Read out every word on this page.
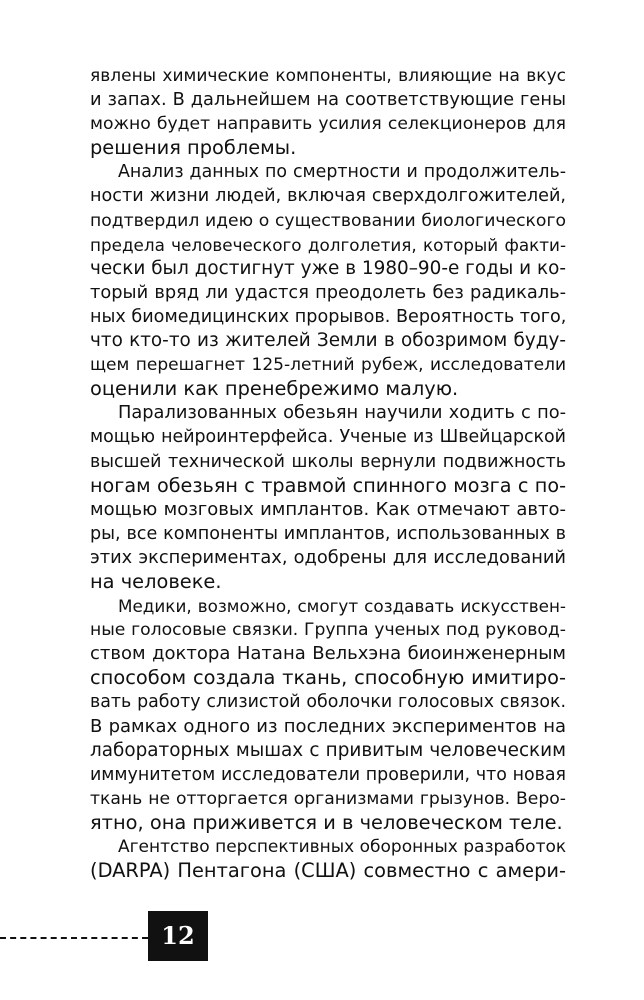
явлены химические компоненты, влияющие на вкус
и запах. В дальнейшем на соответствующие гены
можно будет направить усилия селекционеров для
решения проблемы.
Анализ данных по смертности и продолжитель-
ности жизни людей, включая сверхдолгожителей,
подтвердил идею о существовании биологического
предела человеческого долголетия, который факти-
чески был достигнут уже в 1980–90-е годы и ко-
торый вряд ли удастся преодолеть без радикаль-
ных биомедицинских прорывов. Вероятность того,
что кто-то из жителей Земли в обозримом буду-
щем перешагнет 125-летний рубеж, исследователи
оценили как пренебрежимо малую.
Парализованных обезьян научили ходить с по-
мощью нейроинтерфейса. Ученые из Швейцарской
высшей технической школы вернули подвижность
ногам обезьян с травмой спинного мозга с по-
мощью мозговых имплантов. Как отмечают авто-
ры, все компоненты имплантов, использованных в
этих экспериментах, одобрены для исследований
на человеке.
Медики, возможно, смогут создавать искусствен-
ные голосовые связки. Группа ученых под руковод-
ством доктора Натана Вельхэна биоинженерным
способом создала ткань, способную имитиро-
вать работу слизистой оболочки голосовых связок.
В рамках одного из последних экспериментов на
лабораторных мышах с привитым человеческим
иммунитетом исследователи проверили, что новая
ткань не отторгается организмами грызунов. Веро-
ятно, она приживется и в человеческом теле.
Агентство перспективных оборонных разработок
(DARPA) Пентагона (США) совместно с амери-
12
